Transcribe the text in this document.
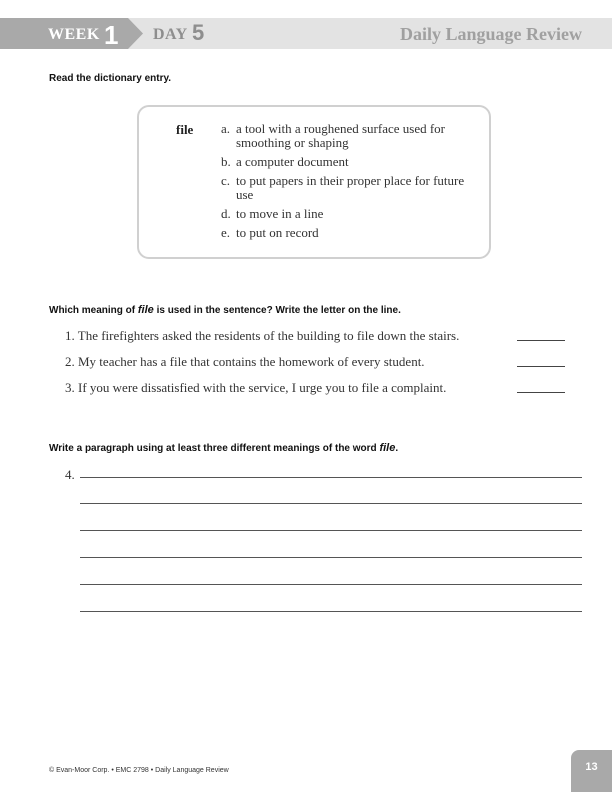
WEEK 1 DAY 5	Daily Language Review
Read the dictionary entry.
file a. a tool with a roughened surface used for smoothing or shaping
b. a computer document
c. to put papers in their proper place for future use
d. to move in a line
e. to put on record
Which meaning of file is used in the sentence? Write the letter on the line.
1. The firefighters asked the residents of the building to file down the stairs.
2. My teacher has a file that contains the homework of every student.
3. If you were dissatisfied with the service, I urge you to file a complaint.
Write a paragraph using at least three different meanings of the word file.
4.
© Evan-Moor Corp. • EMC 2798 • Daily Language Review	13
